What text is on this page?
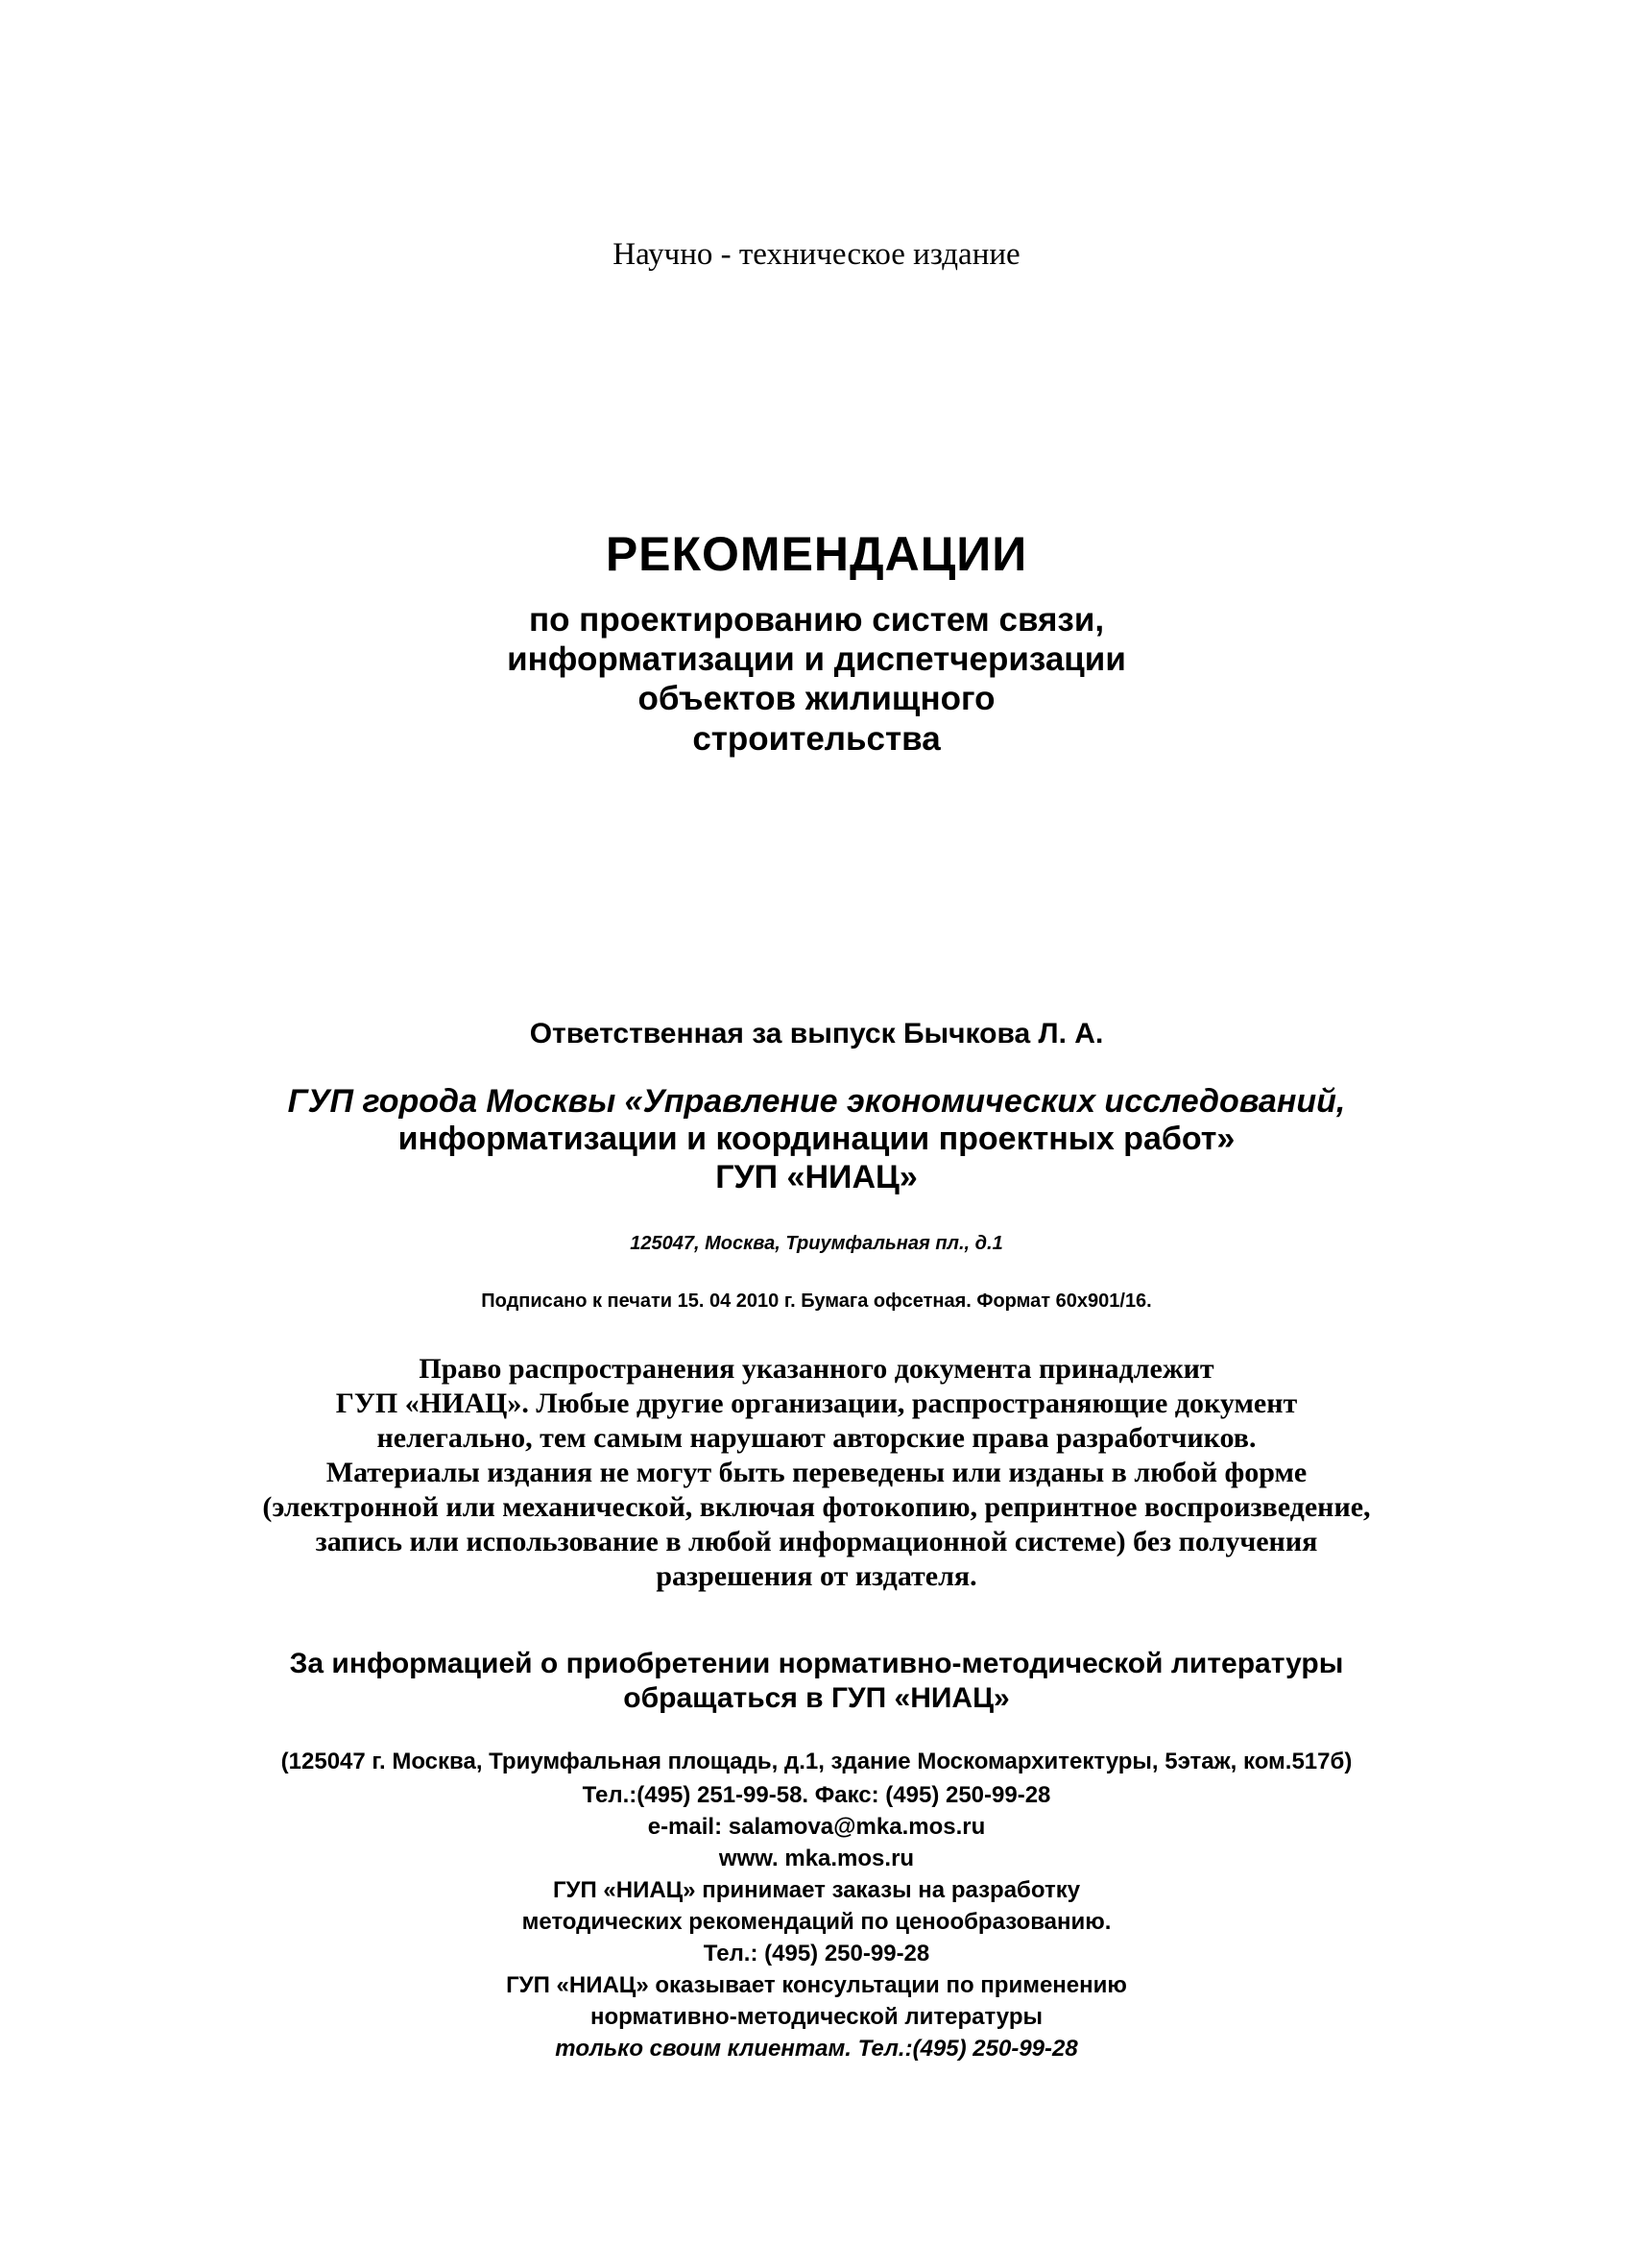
Научно - техническое издание
РЕКОМЕНДАЦИИ
по проектированию систем связи,
информатизации и диспетчеризации
объектов жилищного
строительства
Ответственная за выпуск Бычкова Л. А.
ГУП города Москвы «Управление экономических исследований,
информатизации и координации проектных работ»
ГУП «НИАЦ»
125047, Москва, Триумфальная пл., д.1
Подписано к печати 15. 04 2010 г. Бумага офсетная. Формат 60х901/16.
Право распространения указанного документа принадлежит
ГУП «НИАЦ». Любые другие организации, распространяющие документ
нелегально, тем самым нарушают авторские права разработчиков.
Материалы издания не могут быть переведены или изданы в любой форме
(электронной или механической, включая фотокопию, репринтное воспроизведение,
запись или использование в любой информационной системе) без получения
разрешения от издателя.
За информацией о приобретении нормативно-методической литературы
обращаться в ГУП «НИАЦ»
(125047 г. Москва, Триумфальная площадь, д.1, здание Москомархитектуры, 5этаж, ком.517б)
Тел.:(495) 251-99-58. Факс: (495) 250-99-28
e-mail: salamova@mka.mos.ru
www. mka.mos.ru
ГУП «НИАЦ» принимает заказы на разработку
методических рекомендаций по ценообразованию.
Тел.: (495) 250-99-28
ГУП «НИАЦ» оказывает консультации по применению
нормативно-методической литературы
только своим клиентам. Тел.:(495) 250-99-28
